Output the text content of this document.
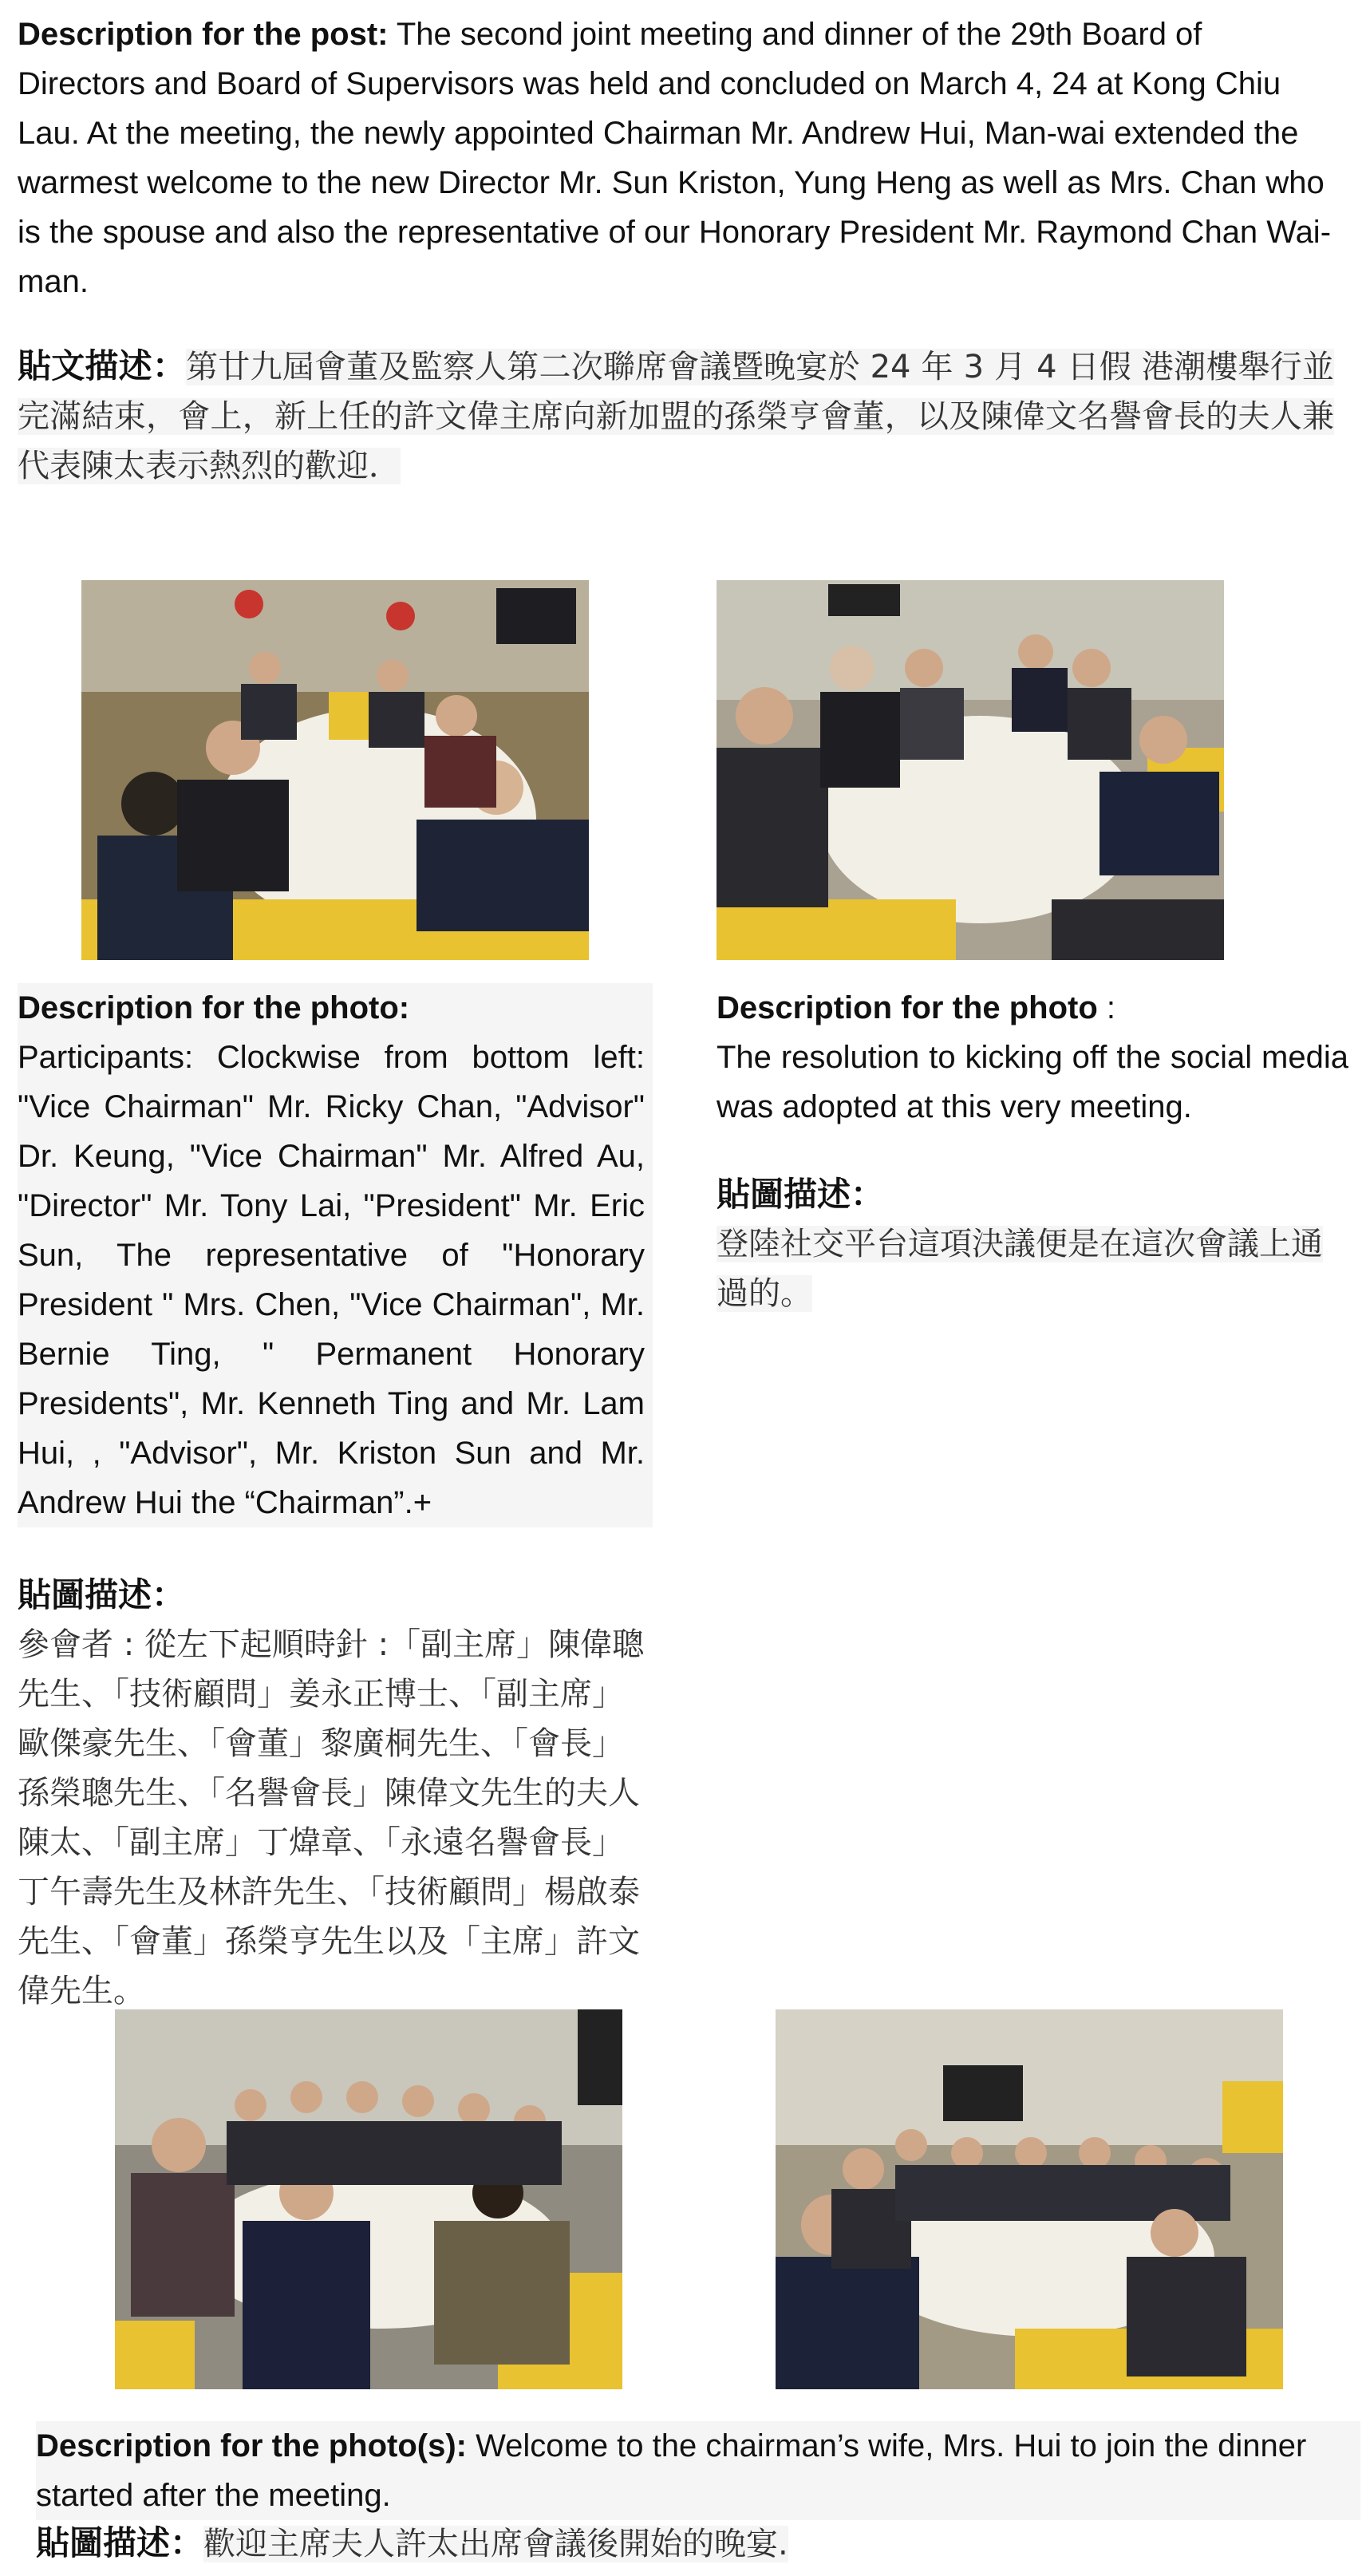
Description for the post: The second joint meeting and dinner of the 29th Board of Directors and Board of Supervisors was held and concluded on March 4, 24 at Kong Chiu Lau. At the meeting, the newly appointed Chairman Mr. Andrew Hui, Man-wai extended the warmest welcome to the new Director Mr. Sun Kriston, Yung Heng as well as Mrs. Chan who is the spouse and also the representative of our Honorary President Mr. Raymond Chan Wai-man.
貼文描述：第廿九屆會董及監察人第二次聯席會議暨晚宴於 24 年 3 月 4 日假 港潮樓舉行並完滿結束，會上，新上任的許文偉主席向新加盟的孫榮亨會董，以及陳偉文名譽會長的夫人兼代表陳太表示熱烈的歡迎．
Description for the photo:
Participants: Clockwise from bottom left: "Vice Chairman" Mr. Ricky Chan, "Advisor" Dr. Keung, "Vice Chairman" Mr. Alfred Au, "Director" Mr. Tony Lai, "President" Mr. Eric Sun, The representative of "Honorary President " Mrs. Chen, "Vice Chairman", Mr. Bernie Ting, " Permanent Honorary Presidents", Mr. Kenneth Ting and Mr. Lam Hui, , "Advisor", Mr. Kriston Sun and Mr. Andrew Hui the “Chairman”.+
Description for the photo :
The resolution to kicking off the social media was adopted at this very meeting.
貼圖描述：
登陸社交平台這項決議便是在這次會議上通過的。
貼圖描述：
參會者 : 從左下起順時針 :「副主席」陳偉聰
先生、「技術顧問」姜永正博士、「副主席」
歐傑豪先生、「會董」黎廣桐先生、「會長」
孫榮聰先生、「名譽會長」陳偉文先生的夫人
陳太、「副主席」丁煒章、「永遠名譽會長」
丁午壽先生及林許先生、「技術顧問」楊啟泰
先生、「會董」孫榮亨先生以及「主席」許文
偉先生。
Description for the photo(s): Welcome to the chairman’s wife, Mrs. Hui to join the dinner started after the meeting.
貼圖描述：歡迎主席夫人許太出席會議後開始的晚宴.
